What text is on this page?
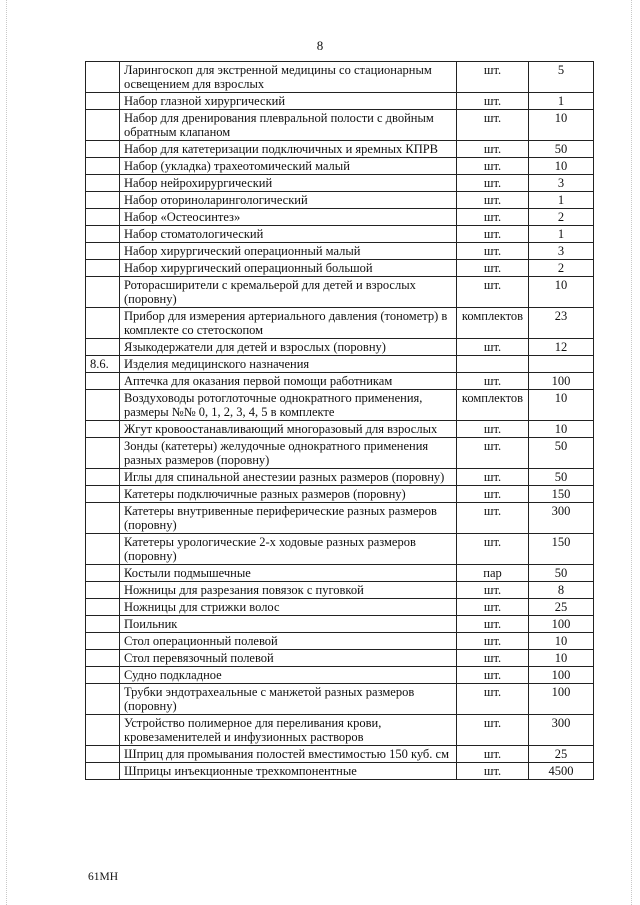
8
	Ларингоскоп для экстренной медицины со стационарным освещением для взрослых	шт.	5
	Набор глазной хирургический	шт.	1
	Набор для дренирования плевральной полости с двойным обратным клапаном	шт.	10
	Набор для катетеризации подключичных и яремных КПРВ	шт.	50
	Набор (укладка) трахеотомический малый	шт.	10
	Набор нейрохирургический	шт.	3
	Набор оториноларингологический	шт.	1
	Набор «Остеосинтез»	шт.	2
	Набор стоматологический	шт.	1
	Набор хирургический операционный малый	шт.	3
	Набор хирургический операционный большой	шт.	2
	Роторасширители с кремальерой для детей и взрослых (поровну)	шт.	10
	Прибор для измерения артериального давления (тонометр) в комплекте со стетоскопом	комплектов	23
	Языкодержатели для детей и взрослых (поровну)	шт.	12
8.6.	Изделия медицинского назначения		
	Аптечка для оказания первой помощи работникам	шт.	100
	Воздуховоды ротоглоточные однократного применения, размеры №№ 0, 1, 2, 3, 4, 5 в комплекте	комплектов	10
	Жгут кровоостанавливающий многоразовый для взрослых	шт.	10
	Зонды (катетеры) желудочные однократного применения разных размеров (поровну)	шт.	50
	Иглы для спинальной анестезии разных размеров (поровну)	шт.	50
	Катетеры подключичные разных размеров (поровну)	шт.	150
	Катетеры внутривенные периферические разных размеров (поровну)	шт.	300
	Катетеры урологические 2-х ходовые разных размеров (поровну)	шт.	150
	Костыли подмышечные	пар	50
	Ножницы для разрезания повязок с пуговкой	шт.	8
	Ножницы для стрижки волос	шт.	25
	Поильник	шт.	100
	Стол операционный полевой	шт.	10
	Стол перевязочный полевой	шт.	10
	Судно подкладное	шт.	100
	Трубки эндотрахеальные с манжетой разных размеров (поровну)	шт.	100
	Устройство полимерное для переливания крови, кровезаменителей и инфузионных растворов	шт.	300
	Шприц для промывания полостей вместимостью 150 куб. см	шт.	25
	Шприцы инъекционные трехкомпонентные	шт.	4500
61МН
